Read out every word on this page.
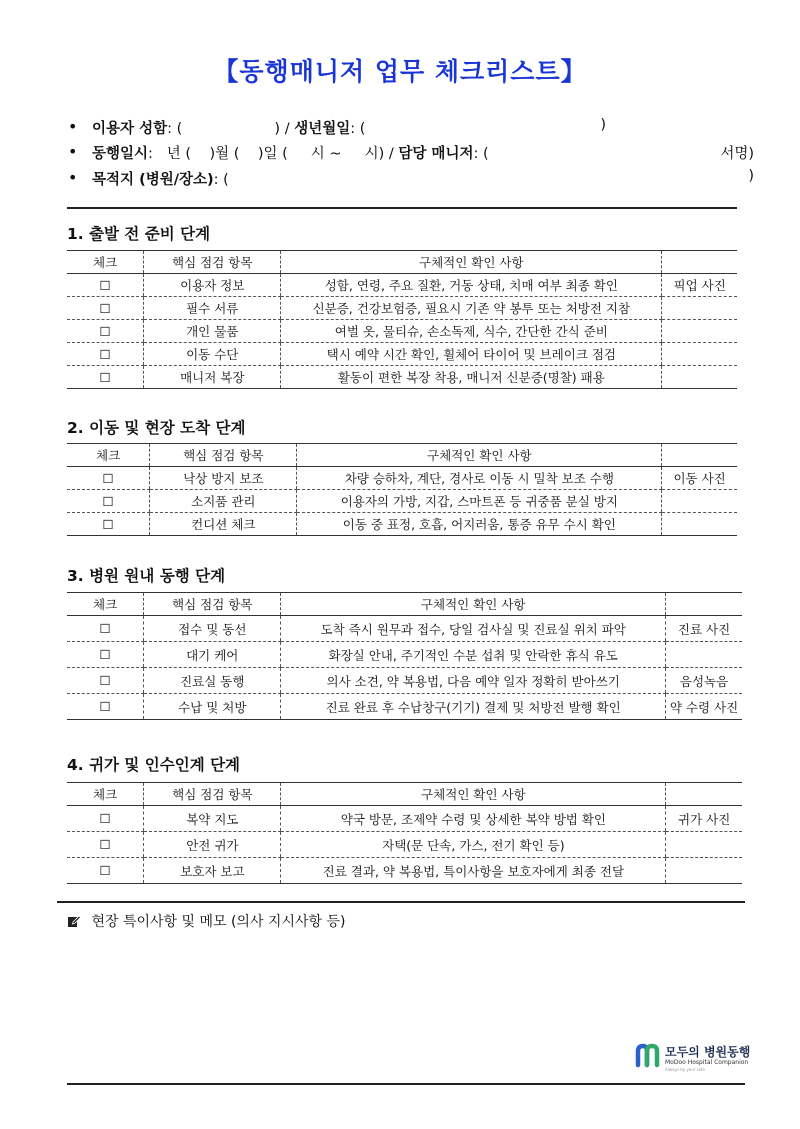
【동행매니저 업무 체크리스트】
• 이용자 성함: (                    ) / 생년월일: (	)
• 동행일시:   년 (    )월 (    )일 (     시 ~     시) / 담당 매니저: (	서명)
• 목적지 (병원/장소): (	)
1. 출발 전 준비 단계
체크	핵심 점검 항목	구체적인 확인 사항	
☐	이용자 정보	성함, 연령, 주요 질환, 거동 상태, 치매 여부 최종 확인	픽업 사진
☐	필수 서류	신분증, 건강보험증, 필요시 기존 약 봉투 또는 처방전 지참	
☐	개인 물품	여벌 옷, 물티슈, 손소독제, 식수, 간단한 간식 준비	
☐	이동 수단	택시 예약 시간 확인, 휠체어 타이어 및 브레이크 점검	
☐	매니저 복장	활동이 편한 복장 착용, 매니저 신분증(명찰) 패용	
2. 이동 및 현장 도착 단계
체크	핵심 점검 항목	구체적인 확인 사항	
☐	낙상 방지 보조	차량 승하차, 계단, 경사로 이동 시 밀착 보조 수행	이동 사진
☐	소지품 관리	이용자의 가방, 지갑, 스마트폰 등 귀중품 분실 방지	
☐	컨디션 체크	이동 중 표정, 호흡, 어지러움, 통증 유무 수시 확인	
3. 병원 원내 동행 단계
체크	핵심 점검 항목	구체적인 확인 사항	
☐	접수 및 동선	도착 즉시 원무과 접수, 당일 검사실 및 진료실 위치 파악	진료 사진
☐	대기 케어	화장실 안내, 주기적인 수분 섭취 및 안락한 휴식 유도	
☐	진료실 동행	의사 소견, 약 복용법, 다음 예약 일자 정확히 받아쓰기	음성녹음
☐	수납 및 처방	진료 완료 후 수납창구(기기) 결제 및 처방전 발행 확인	약 수령 사진
4. 귀가 및 인수인계 단계
체크	핵심 점검 항목	구체적인 확인 사항	
☐	복약 지도	약국 방문, 조제약 수령 및 상세한 복약 방법 확인	귀가 사진
☐	안전 귀가	자택(문 단속, 가스, 전기 확인 등)	
☐	보호자 보고	진료 결과, 약 복용법, 특이사항을 보호자에게 최종 전달	
현장 특이사항 및 메모 (의사 지시사항 등)
모두의 병원동행
MoDoo Hospital Companion
Always by your side
